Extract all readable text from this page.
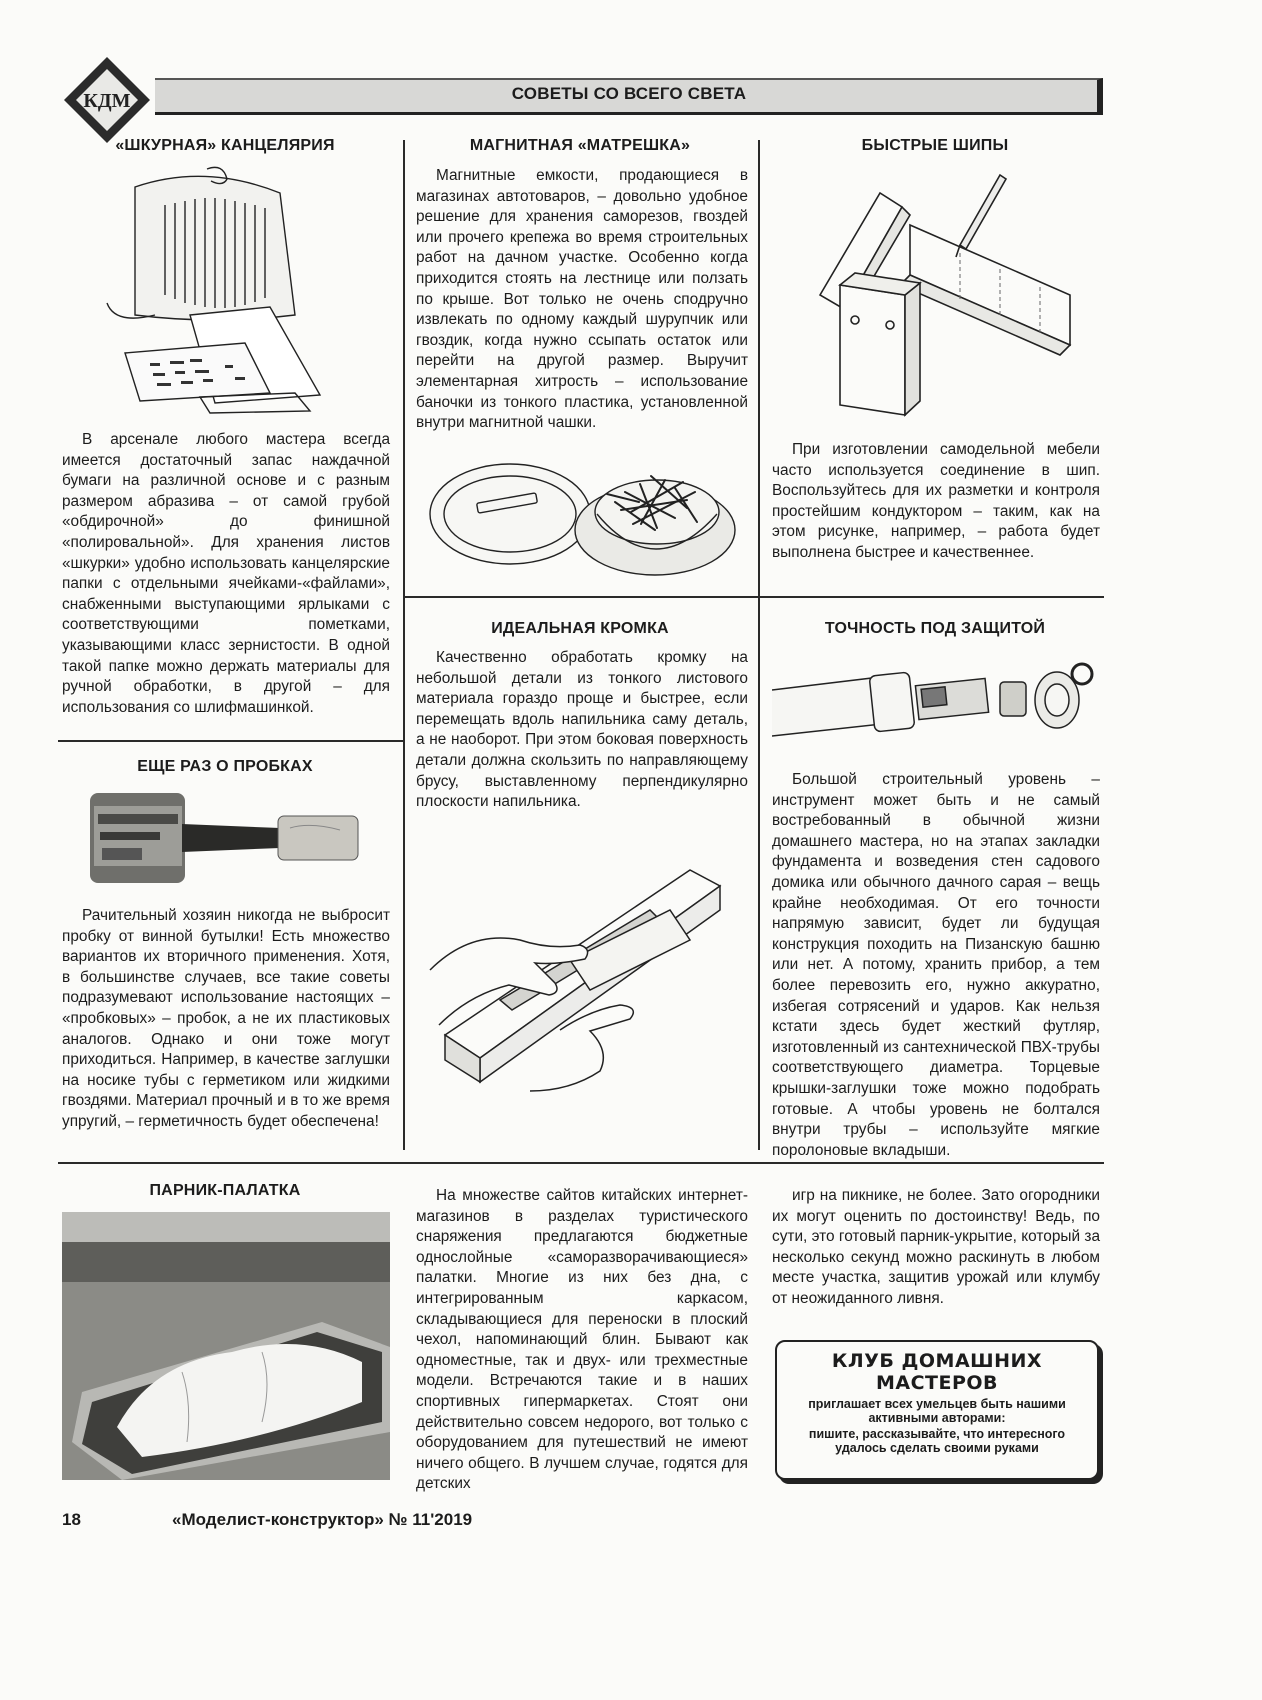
КДМ	СОВЕТЫ СО ВСЕГО СВЕТА
«ШКУРНАЯ» КАНЦЕЛЯРИЯ

В арсенале любого мастера всегда имеется достаточный запас наждачной бумаги на различной основе и с разным размером абразива – от самой грубой «обдирочной» до финишной «полировальной». Для хранения листов «шкурки» удобно использовать канцелярские папки с отдельными ячейками-«файлами», снабженными выступающими ярлыками с соответствующими пометками, указывающими класс зернистости. В одной такой папке можно держать материалы для ручной обработки, в другой – для использования со шлифмашинкой.

МАГНИТНАЯ «МАТРЕШКА»

Магнитные емкости, продающиеся в магазинах автотоваров, – довольно удобное решение для хранения саморезов, гвоздей или прочего крепежа во время строительных работ на дачном участке. Особенно когда приходится стоять на лестнице или ползать по крыше. Вот только не очень сподручно извлекать по одному каждый шурупчик или гвоздик, когда нужно ссыпать остаток или перейти на другой размер. Выручит элементарная хитрость – использование баночки из тонкого пластика, установленной внутри магнитной чашки.

БЫСТРЫЕ ШИПЫ

При изготовлении самодельной мебели часто используется соединение в шип. Воспользуйтесь для их разметки и контроля простейшим кондуктором – таким, как на этом рисунке, например, – работа будет выполнена быстрее и качественнее.

ЕЩЕ РАЗ О ПРОБКАХ

Рачительный хозяин никогда не выбросит пробку от винной бутылки! Есть множество вариантов их вторичного применения. Хотя, в большинстве случаев, все такие советы подразумевают использование настоящих – «пробковых» – пробок, а не их пластиковых аналогов. Однако и они тоже могут приходиться. Например, в качестве заглушки на носике тубы с герметиком или жидкими гвоздями. Материал прочный и в то же время упругий, – герметичность будет обеспечена!

ИДЕАЛЬНАЯ КРОМКА

Качественно обработать кромку на небольшой детали из тонкого листового материала гораздо проще и быстрее, если перемещать вдоль напильника саму деталь, а не наоборот. При этом боковая поверхность детали должна скользить по направляющему брусу, выставленному перпендикулярно плоскости напильника.

ТОЧНОСТЬ ПОД ЗАЩИТОЙ

Большой строительный уровень – инструмент может быть и не самый востребованный в обычной жизни домашнего мастера, но на этапах закладки фундамента и возведения стен садового домика или обычного дачного сарая – вещь крайне необходимая. От его точности напрямую зависит, будет ли будущая конструкция походить на Пизанскую башню или нет. А потому, хранить прибор, а тем более перевозить его, нужно аккуратно, избегая сотрясений и ударов. Как нельзя кстати здесь будет жесткий футляр, изготовленный из сантехнической ПВХ-трубы соответствующего диаметра. Торцевые крышки-заглушки тоже можно подобрать готовые. А чтобы уровень не болтался внутри трубы – используйте мягкие поролоновые вкладыши.

ПАРНИК-ПАЛАТКА	На множестве сайтов китайских интернет-магазинов в разделах туристического снаряжения предлагаются бюджетные однослойные «саморазворачивающиеся» палатки. Многие из них без дна, с интегрированным каркасом, складывающиеся для переноски в плоский чехол, напоминающий блин. Бывают как одноместные, так и двух- или трехместные модели. Встречаются такие и в наших спортивных гипермаркетах. Стоят они действительно совсем недорого, вот только с оборудованием для путешествий не имеют ничего общего. В лучшем случае, годятся для детских

игр на пикнике, не более. Зато огородники их могут оценить по достоинству! Ведь, по сути, это готовый парник-укрытие, который за несколько секунд можно раскинуть в любом месте участка, защитив урожай или клумбу от неожиданного ливня.

КЛУБ ДОМАШНИХ
МАСТЕРОВ
приглашает всех умельцев быть нашими
активными авторами:
пишите, рассказывайте, что интересного
удалось сделать своими руками
18	«Моделист-конструктор» № 11'2019
